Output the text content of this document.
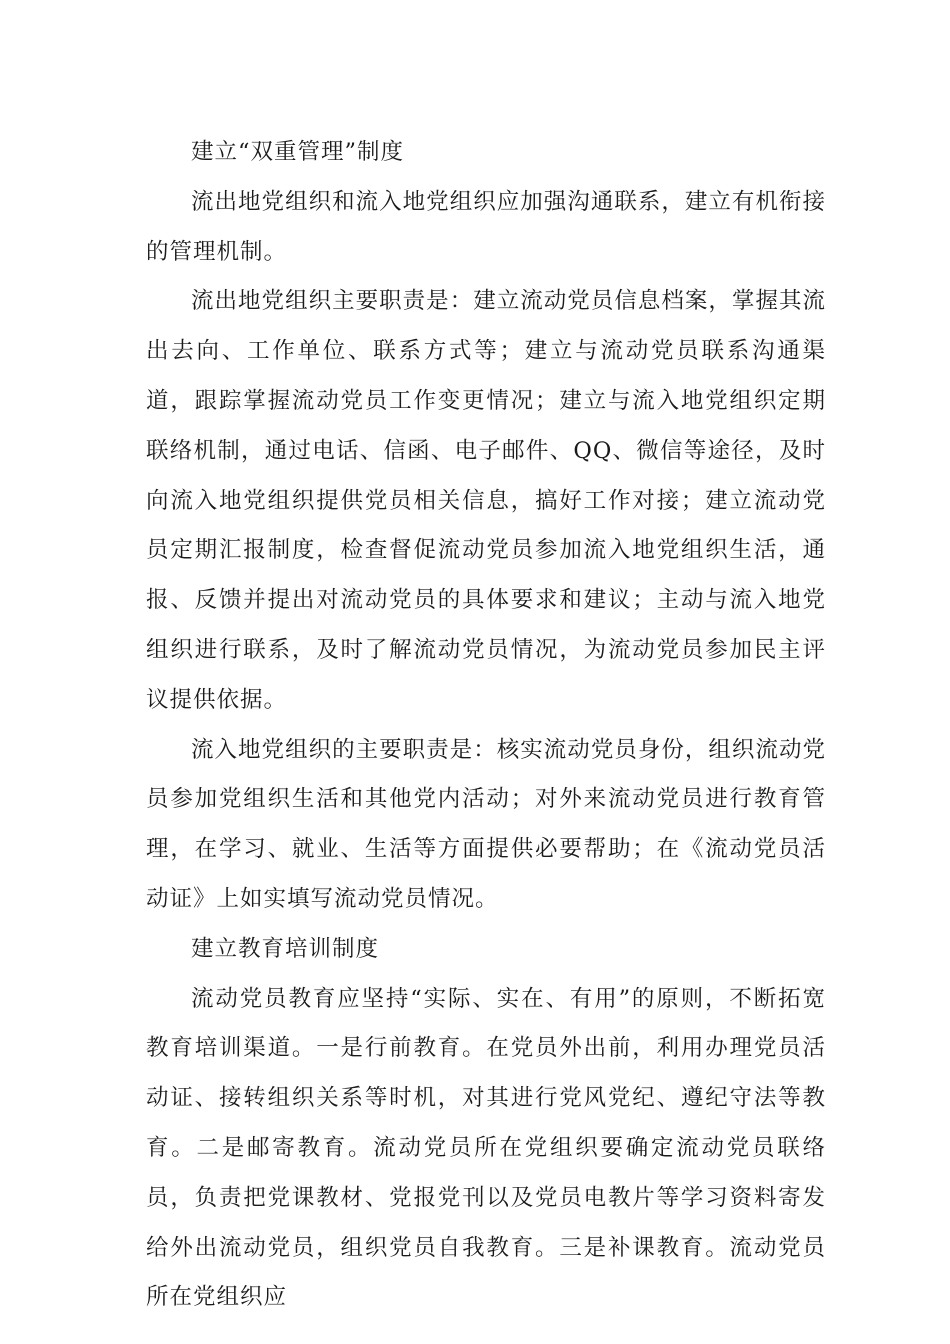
建立“双重管理”制度

流出地党组织和流入地党组织应加强沟通联系，建立有机衔接的管理机制。

流出地党组织主要职责是：建立流动党员信息档案，掌握其流出去向、工作单位、联系方式等；建立与流动党员联系沟通渠道，跟踪掌握流动党员工作变更情况；建立与流入地党组织定期联络机制，通过电话、信函、电子邮件、QQ、微信等途径，及时向流入地党组织提供党员相关信息，搞好工作对接；建立流动党员定期汇报制度，检查督促流动党员参加流入地党组织生活，通报、反馈并提出对流动党员的具体要求和建议；主动与流入地党组织进行联系，及时了解流动党员情况，为流动党员参加民主评议提供依据。

流入地党组织的主要职责是：核实流动党员身份，组织流动党员参加党组织生活和其他党内活动；对外来流动党员进行教育管理，在学习、就业、生活等方面提供必要帮助；在《流动党员活动证》上如实填写流动党员情况。

建立教育培训制度

流动党员教育应坚持“实际、实在、有用”的原则，不断拓宽教育培训渠道。一是行前教育。在党员外出前，利用办理党员活动证、接转组织关系等时机，对其进行党风党纪、遵纪守法等教育。二是邮寄教育。流动党员所在党组织要确定流动党员联络员，负责把党课教材、党报党刊以及党员电教片等学习资料寄发给外出流动党员，组织党员自我教育。三是补课教育。流动党员所在党组织应
